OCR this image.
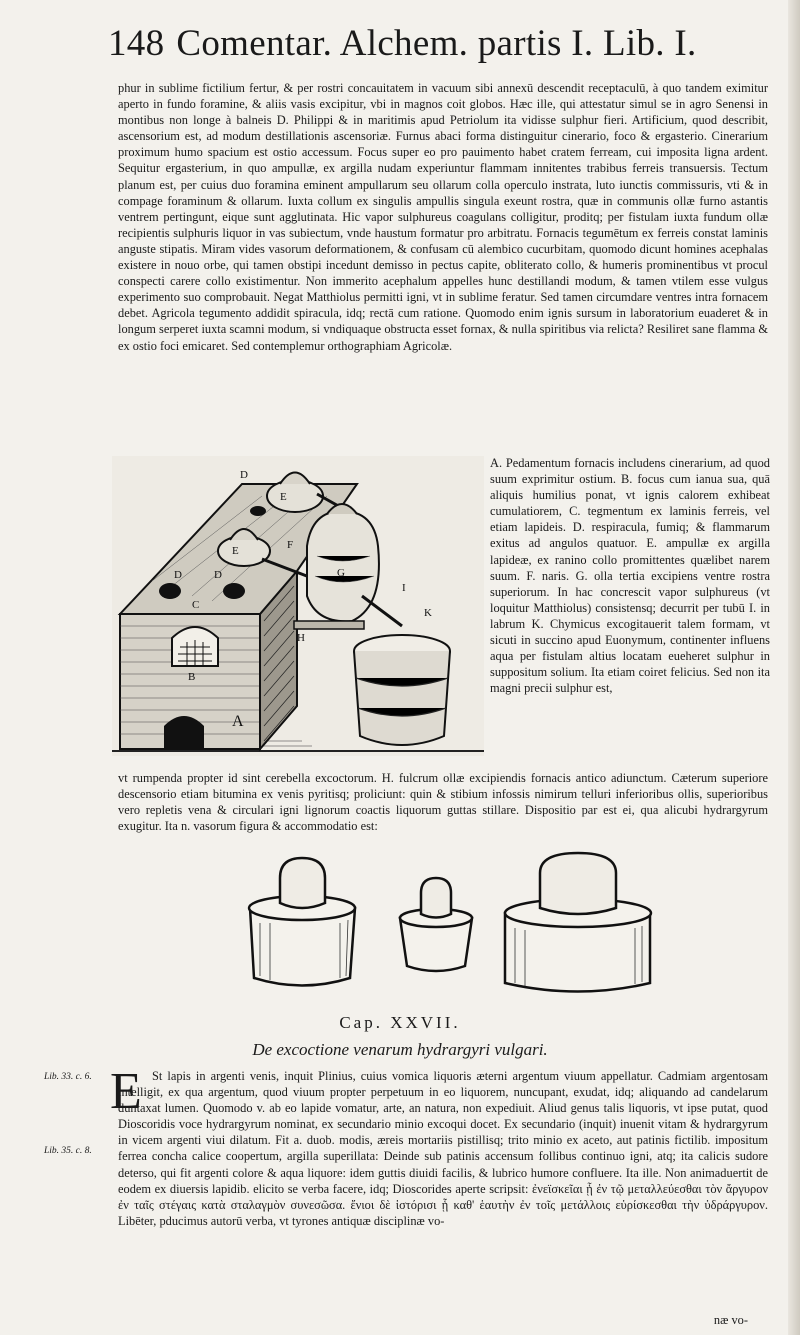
148 Comentar. Alchem. partis I. Lib. I.

phur in sublime fictilium fertur, & per rostri concauitatem in vacuum sibi annexū descendit receptaculū, à quo tandem eximitur aperto in fundo foramine, & aliis vasis excipitur, vbi in magnos coit globos. Hæc ille, qui attestatur simul se in agro Senensi in montibus non longe à balneis D. Philippi & in maritimis apud Petriolum ita vidisse sulphur fieri. Artificium, quod describit, ascensorium est, ad modum destillationis ascensoriæ. Furnus abaci forma distinguitur cinerario, foco & ergasterio. Cinerarium proximum humo spacium est ostio accessum. Focus super eo pro pauimento habet cratem ferream, cui imposita ligna ardent. Sequitur ergasterium, in quo ampullæ, ex argilla nudam experiuntur flammam innitentes trabibus ferreis transuersis. Tectum planum est, per cuius duo foramina eminent ampullarum seu ollarum colla operculo instrata, luto iunctis commissuris, vti & in compage foraminum & ollarum. Iuxta collum ex singulis ampullis singula exeunt rostra, quæ in communis ollæ furno astantis ventrem pertingunt, eique sunt agglutinata. Hic vapor sulphureus coagulans colligitur, proditq; per fistulam iuxta fundum ollæ recipientis sulphuris liquor in vas subiectum, vnde haustum formatur pro arbitratu. Fornacis tegumētum ex ferreis constat laminis anguste stipatis. Miram vides vasorum deformationem, & confusam cū alembico cucurbitam, quomodo dicunt homines acephalas existere in nouo orbe, qui tamen obstipi incedunt demisso in pectus capite, obliterato collo, & humeris prominentibus vt procul conspecti carere collo existimentur. Non immerito acephalum appelles hunc destillandi modum, & tamen vtilem esse vulgus experimento suo comprobauit. Negat Matthiolus permitti igni, vt in sublime feratur. Sed tamen circumdare ventres intra fornacem debet. Agricola tegumento addidit spiracula, idq; rectā cum ratione. Quomodo enim ignis sursum in laboratorium euaderet & in longum serperet iuxta scamni modum, si vndiquaque obstructa esset fornax, & nulla spiritibus via relicta? Resiliret sane flamma & ex ostio foci emicaret. Sed contemplemur orthographiam Agricolæ.

D
E
E	F
G
D	D
C
H
I
K
B
A

A. Pedamentum fornacis includens cinerarium, ad quod suum exprimitur ostium. B. focus cum ianua sua, quā aliquis humilius ponat, vt ignis calorem exhibeat cumulatiorem, C. tegmentum ex laminis ferreis, vel etiam lapideis. D. respiracula, fumiq; & flammarum exitus ad angulos quatuor. E. ampullæ ex argilla lapideæ, ex ranino collo promittentes quælibet narem suum. F. naris. G. olla tertia excipiens ventre rostra superiorum. In hac concrescit vapor sulphureus (vt loquitur Matthiolus) consistensq; decurrit per tubū I. in labrum K. Chymicus excogitauerit talem formam, vt sicuti in succino apud Euonymum, continenter influens aqua per fistulam altius locatam eueheret sulphur in suppositum solium. Ita etiam coiret felicius. Sed non ita magni precii sulphur est,

vt rumpenda propter id sint cerebella excoctorum. H. fulcrum ollæ excipiendis fornacis antico adiunctum. Cæterum superiore descensorio etiam bitumina ex venis pyritisq; proliciunt: quin & stibium infossis nimirum telluri inferioribus ollis, superioribus vero repletis vena & circulari igni lignorum coactis liquorum guttas stillare. Dispositio par est ei, qua alicubi hydrargyrum exugitur. Ita n. vasorum figura & accommodatio est:

Cap. XXVII.
De excoctione venarum hydrargyri vulgari.
Lib. 33. c. 6.
Lib. 35. c. 8.
E St lapis in argenti venis, inquit Plinius, cuius vomica liquoris æterni argentum viuum appellatur. Cadmiam argentosam intelligit, ex qua argentum, quod viuum propter perpetuum in eo liquorem, nuncupant, exudat, idq; aliquando ad candelarum duntaxat lumen. Quomodo v. ab eo lapide vomatur, arte, an natura, non expediuit. Aliud genus talis liquoris, vt ipse putat, quod Dioscoridis voce hydrargyrum nominat, ex secundario minio excoqui docet. Ex secundario (inquit) inuenit vitam & hydrargyrum in vicem argenti viui dilatum. Fit a. duob. modis, æreis mortariis pistillisq; trito minio ex aceto, aut patinis fictilib. impositum ferrea concha calice coopertum, argilla superillata: Deinde sub patinis accensum follibus continuo igni, atq; ita calicis sudore deterso, qui fit argenti colore & aqua liquore: idem guttis diuidi facilis, & lubrico humore confluere. Ita ille. Non animaduertit de eodem ex diuersis lapidib. elicito se verba facere, idq; Dioscorides aperte scripsit: ἐνεϊσκεῖαι ᾗ ἐν τῷ μεταλλεύεσθαι τὸν ἄργυρον ἐν ταῖς στέγαις κατὰ σταλαγμὸν συνεσῶσα. ἔνιοι δὲ ἱστόρισι ᾗ καθ' ἑαυτὴν ἐν τοῖς μετάλλοις εὑρίσκεσθαι τὴν ὑδράργυρον. Libēter, pducimus autorū verba, vt tyrones antiquæ disciplinæ vo-

næ vo-
